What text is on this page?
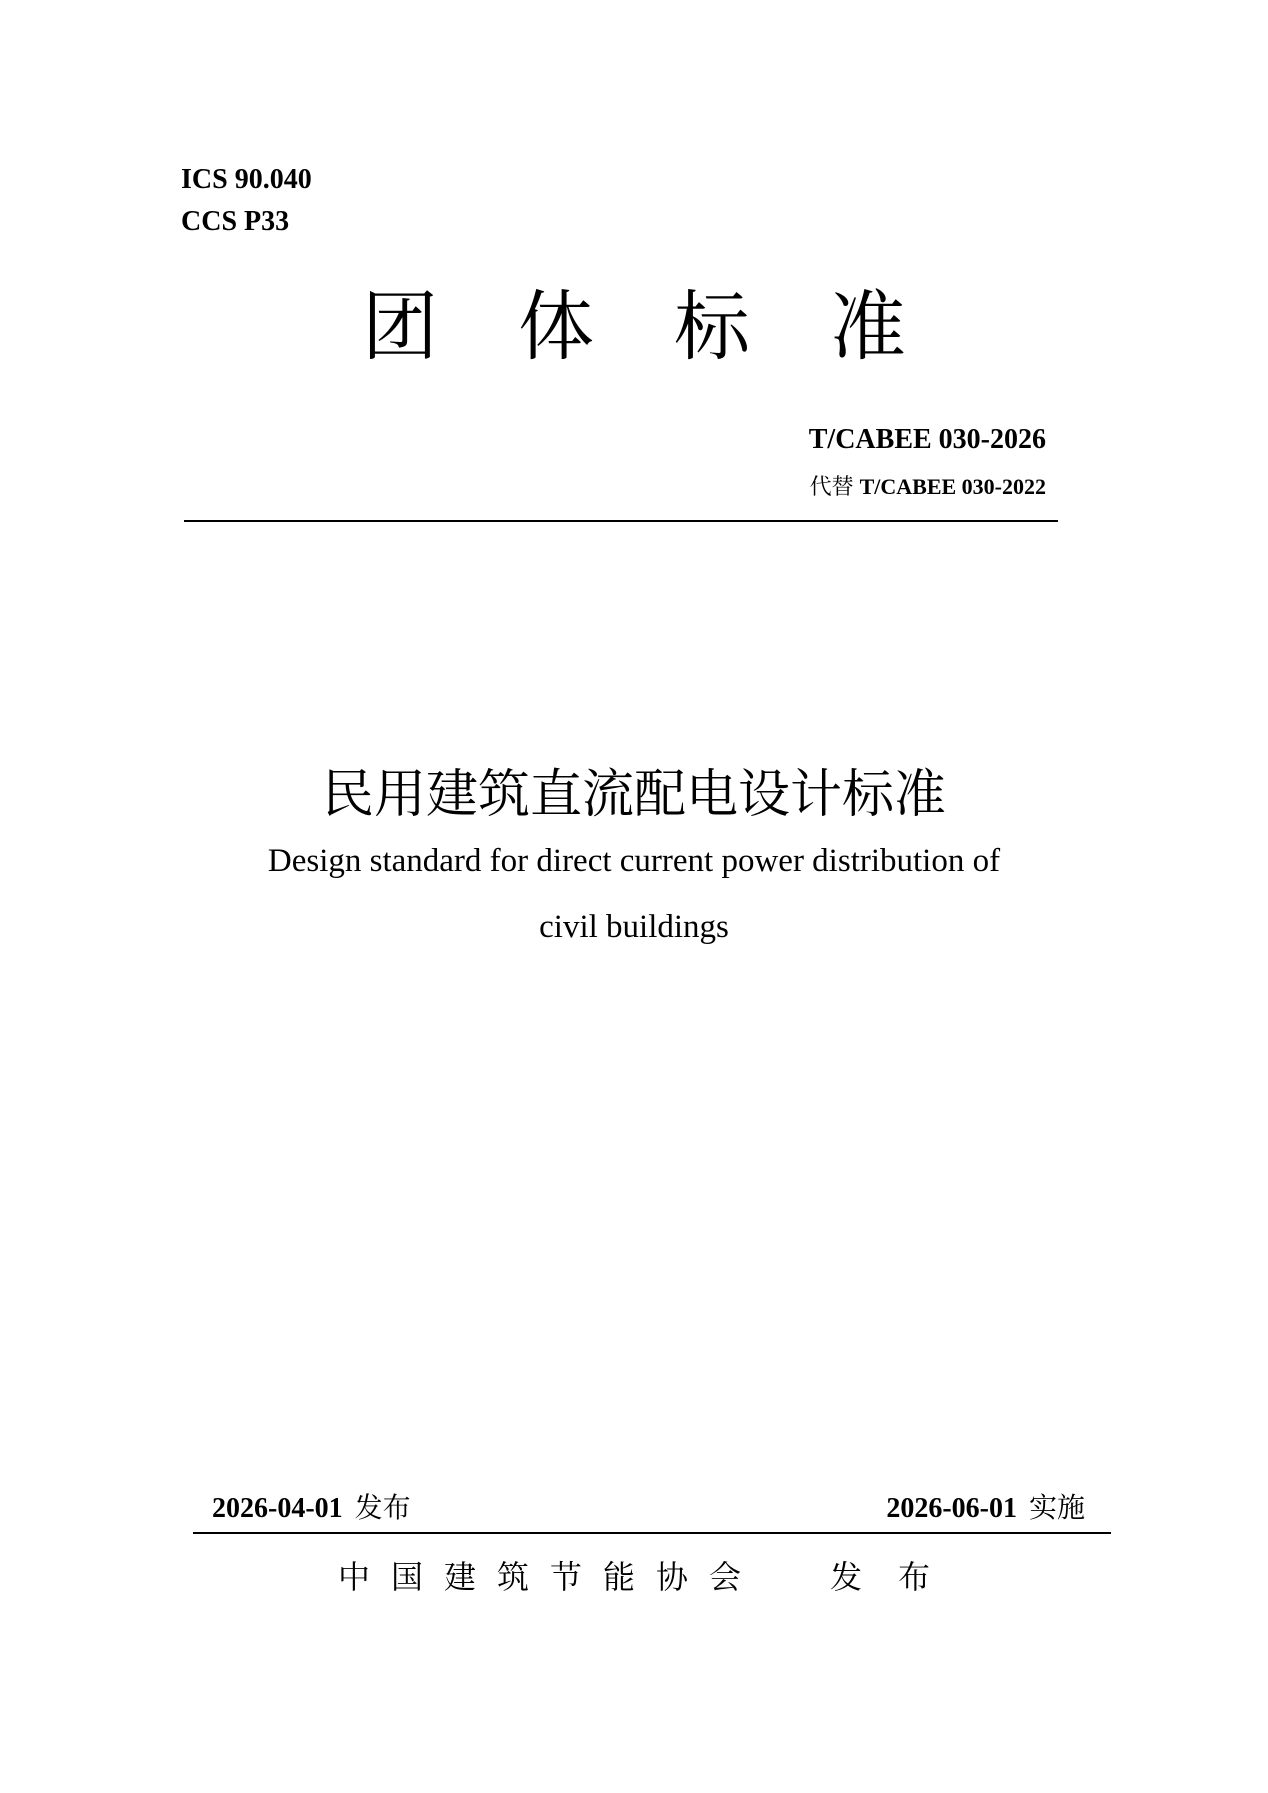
ICS 90.040
CCS P33
团体标准
T/CABEE 030-2026
代替 T/CABEE 030-2022
民用建筑直流配电设计标准
Design standard for direct current power distribution of
civil buildings
2026-04-01 发布	2026-06-01 实施
中国建筑节能协会 发布
